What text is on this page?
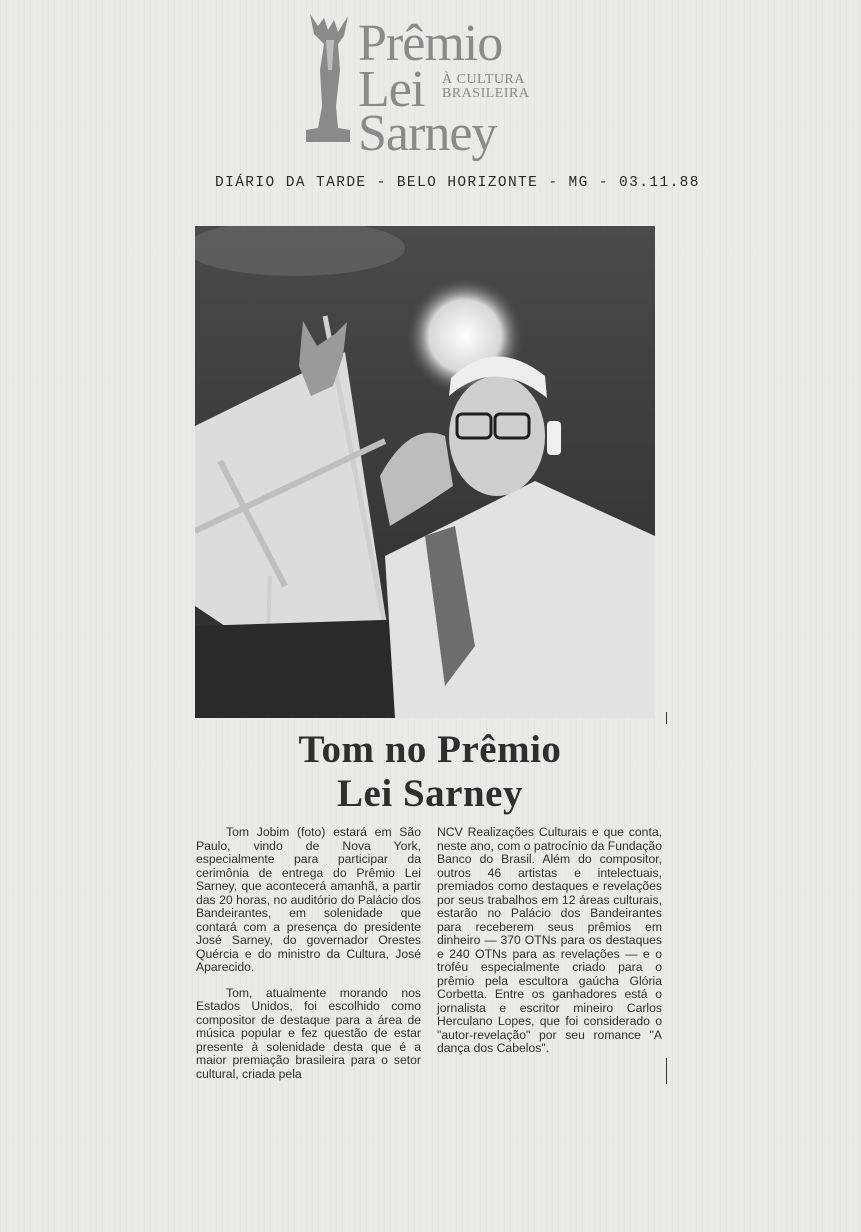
Prêmio
Lei
Sarney
À CULTURA
BRASILEIRA
DIÁRIO DA TARDE - BELO HORIZONTE - MG - 03.11.88
Tom no Prêmio
Lei Sarney

Tom Jobim (foto) estará em São Paulo, vindo de Nova York, especialmente para participar da cerimônia de entrega do Prêmio Lei Sarney, que acontecerá amanhã, a partir das 20 horas, no auditório do Palácio dos Bandeirantes, em solenidade que contará com a presença do presidente José Sarney, do governador Orestes Quércia e do ministro da Cultura, José Aparecido.

Tom, atualmente morando nos Estados Unidos, foi escolhido como compositor de destaque para a área de música popular e fez questão de estar presente à solenidade desta que é a maior premiação brasileira para o setor cultural, criada pela

NCV Realizações Culturais e que conta, neste ano, com o patrocínio da Fundação Banco do Brasil. Além do compositor, outros 46 artistas e intelectuais, premiados como destaques e revelações por seus trabalhos em 12 áreas culturais, estarão no Palácio dos Bandeirantes para receberem seus prêmios em dinheiro — 370 OTNs para os destaques e 240 OTNs para as revelações — e o troféu especialmente criado para o prêmio pela escultora gaúcha Glória Corbetta. Entre os ganhadores está o jornalista e escritor mineiro Carlos Herculano Lopes, que foi considerado o "autor-revelação" por seu romance "A dança dos Cabelos".
